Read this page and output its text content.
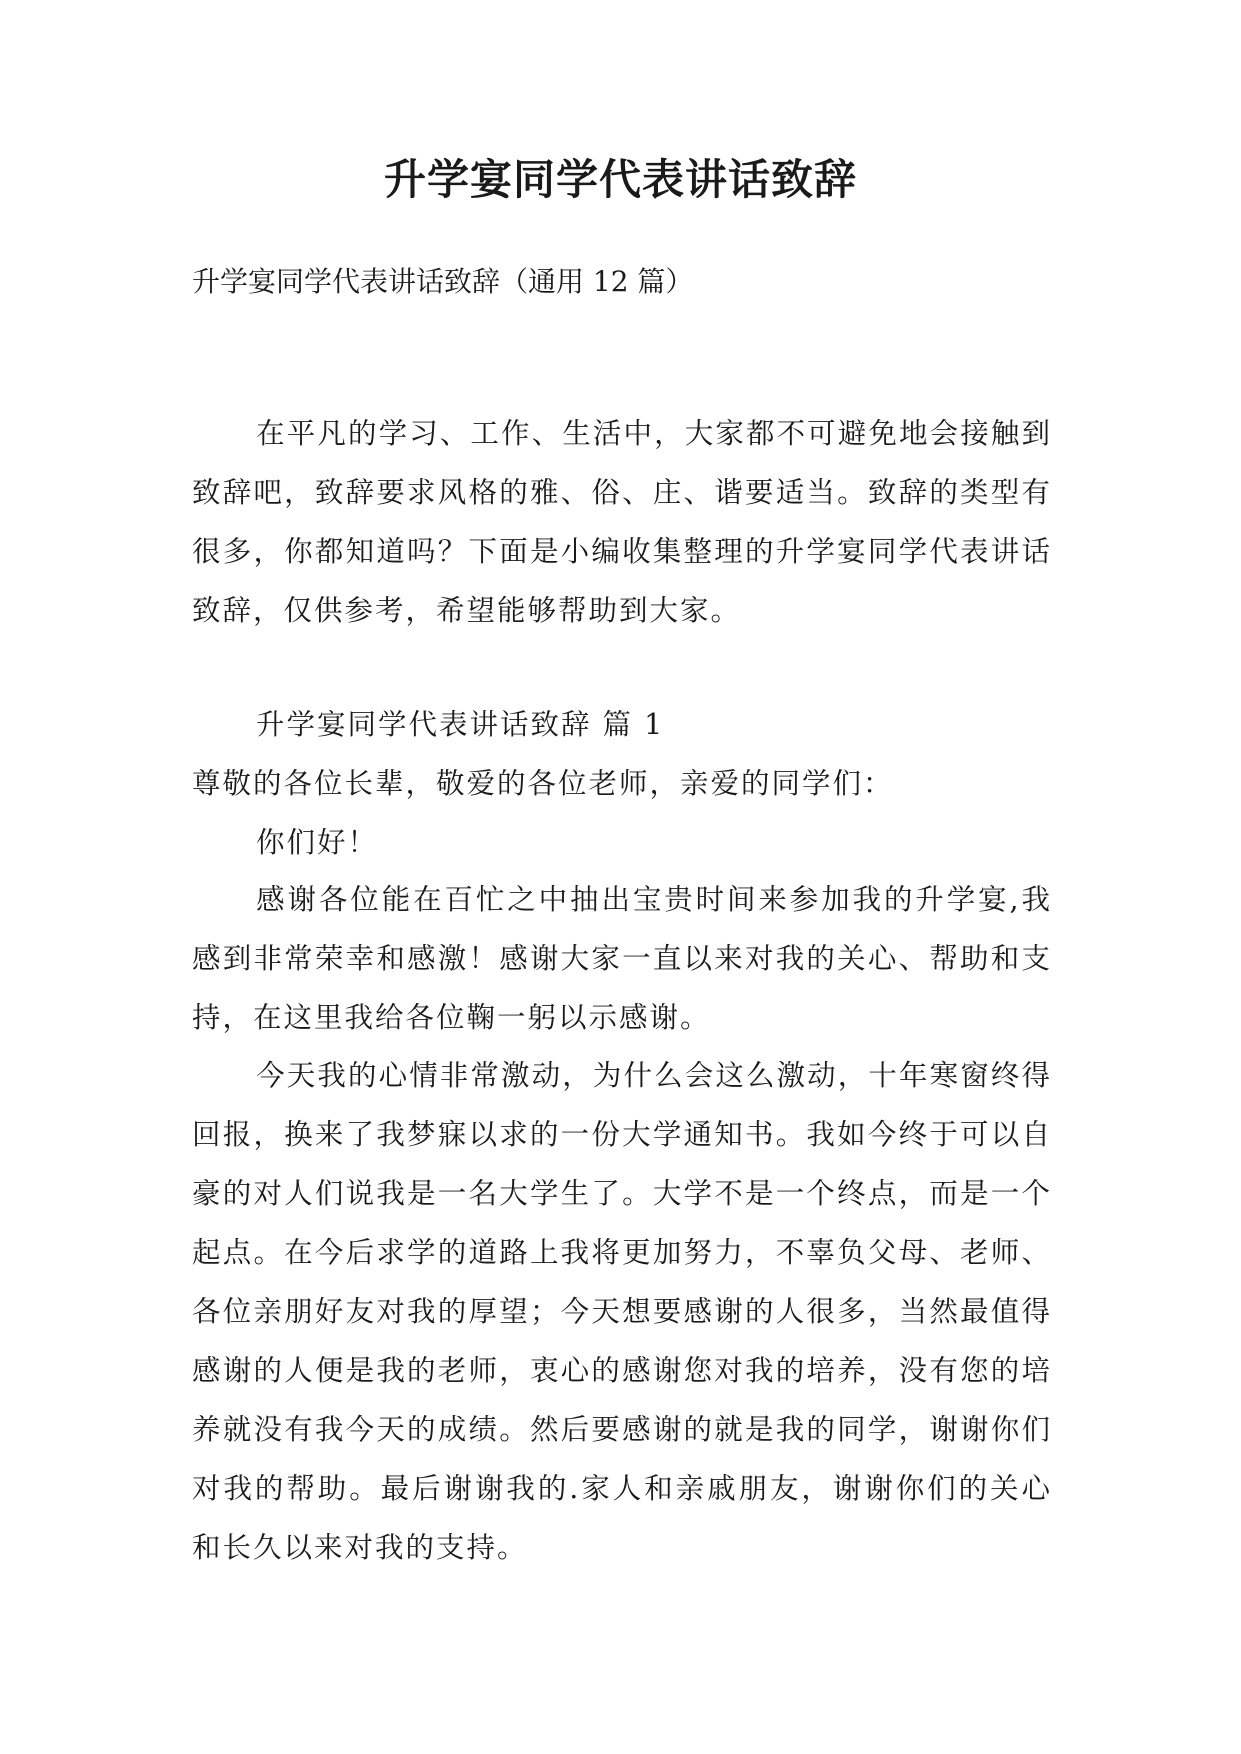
升学宴同学代表讲话致辞

升学宴同学代表讲话致辞（通用 12 篇）

在平凡的学习、工作、生活中，大家都不可避免地会接触到致辞吧，致辞要求风格的雅、俗、庄、谐要适当。致辞的类型有很多，你都知道吗？下面是小编收集整理的升学宴同学代表讲话致辞，仅供参考，希望能够帮助到大家。

升学宴同学代表讲话致辞 篇 1

尊敬的各位长辈，敬爱的各位老师，亲爱的同学们：

你们好！

感谢各位能在百忙之中抽出宝贵时间来参加我的升学宴,我感到非常荣幸和感激！感谢大家一直以来对我的关心、帮助和支持，在这里我给各位鞠一躬以示感谢。

今天我的心情非常激动，为什么会这么激动，十年寒窗终得回报，换来了我梦寐以求的一份大学通知书。我如今终于可以自豪的对人们说我是一名大学生了。大学不是一个终点，而是一个起点。在今后求学的道路上我将更加努力，不辜负父母、老师、各位亲朋好友对我的厚望；今天想要感谢的人很多，当然最值得感谢的人便是我的老师，衷心的感谢您对我的培养，没有您的培养就没有我今天的成绩。然后要感谢的就是我的同学，谢谢你们对我的帮助。最后谢谢我的.家人和亲戚朋友，谢谢你们的关心和长久以来对我的支持。
